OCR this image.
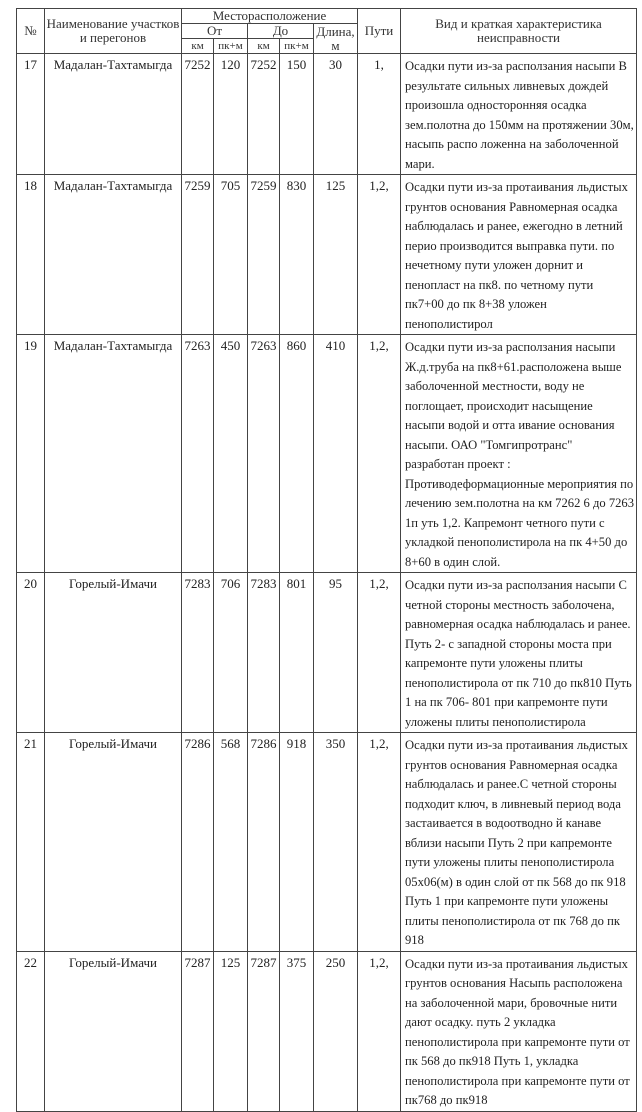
№	Наименование участков и перегонов	Месторасположение					Пути	Вид и краткая характеристика неисправности
		От		До		Длина, м		
		км	пк+м	км	пк+м			
17	Мадалан-Тахтамыгда	7252	120	7252	150	30	1,	Осадки пути из-за расползания насыпи В результате сильных ливневых дождей произошла односторонняя осадка зем.полотна до 150мм на протяжении 30м, насыпь распо ложенна на заболоченной мари.
18	Мадалан-Тахтамыгда	7259	705	7259	830	125	1,2,	Осадки пути из-за протаивания льдистых грунтов основания Равномерная осадка наблюдалась и ранее, ежегодно в летний перио производится выправка пути. по нечетному пути уложен дорнит и пенопласт на пк8. по четному пути пк7+00 до пк 8+38 уложен пенополистирол
19	Мадалан-Тахтамыгда	7263	450	7263	860	410	1,2,	Осадки пути из-за расползания насыпи Ж.д.труба на пк8+61.расположена выше заболоченной местности, воду не поглощает, происходит насыщение насыпи водой и отта ивание основания насыпи. ОАО "Томгипротранс" разработан проект : Противодеформационные мероприятия по лечению зем.полотна на км 7262 6 до 7263 1п уть 1,2. Капремонт четного пути с укладкой пенополистирола на пк 4+50 до 8+60 в один слой.
20	Горелый-Имачи	7283	706	7283	801	95	1,2,	Осадки пути из-за расползания насыпи С четной стороны местность заболочена, равномерная осадка наблюдалась и ранее. Путь 2- с западной стороны моста при капремонте пути уложены плиты пенополистирола от пк 710 до пк810 Путь 1 на пк 706- 801 при капремонте пути уложены плиты пенополистирола
21	Горелый-Имачи	7286	568	7286	918	350	1,2,	Осадки пути из-за протаивания льдистых грунтов основания Равномерная осадка наблюдалась и ранее.С четной стороны подходит ключ, в ливневый период вода застаивается в водоотводно й канаве вблизи насыпи Путь 2 при капремонте пути уложены плиты пенополистирола 05х06(м) в один слой от пк 568 до пк 918 Путь 1 при капремонте пути уложены плиты пенополистирола от пк 768 до пк 918
22	Горелый-Имачи	7287	125	7287	375	250	1,2,	Осадки пути из-за протаивания льдистых грунтов основания Насыпь расположена на заболоченной мари, бровочные нити дают осадку. путь 2 укладка пенополистирола при капремонте пути от пк 568 до пк918 Путь 1, укладка пенополистирола при капремонте пути от пк768 до пк918
